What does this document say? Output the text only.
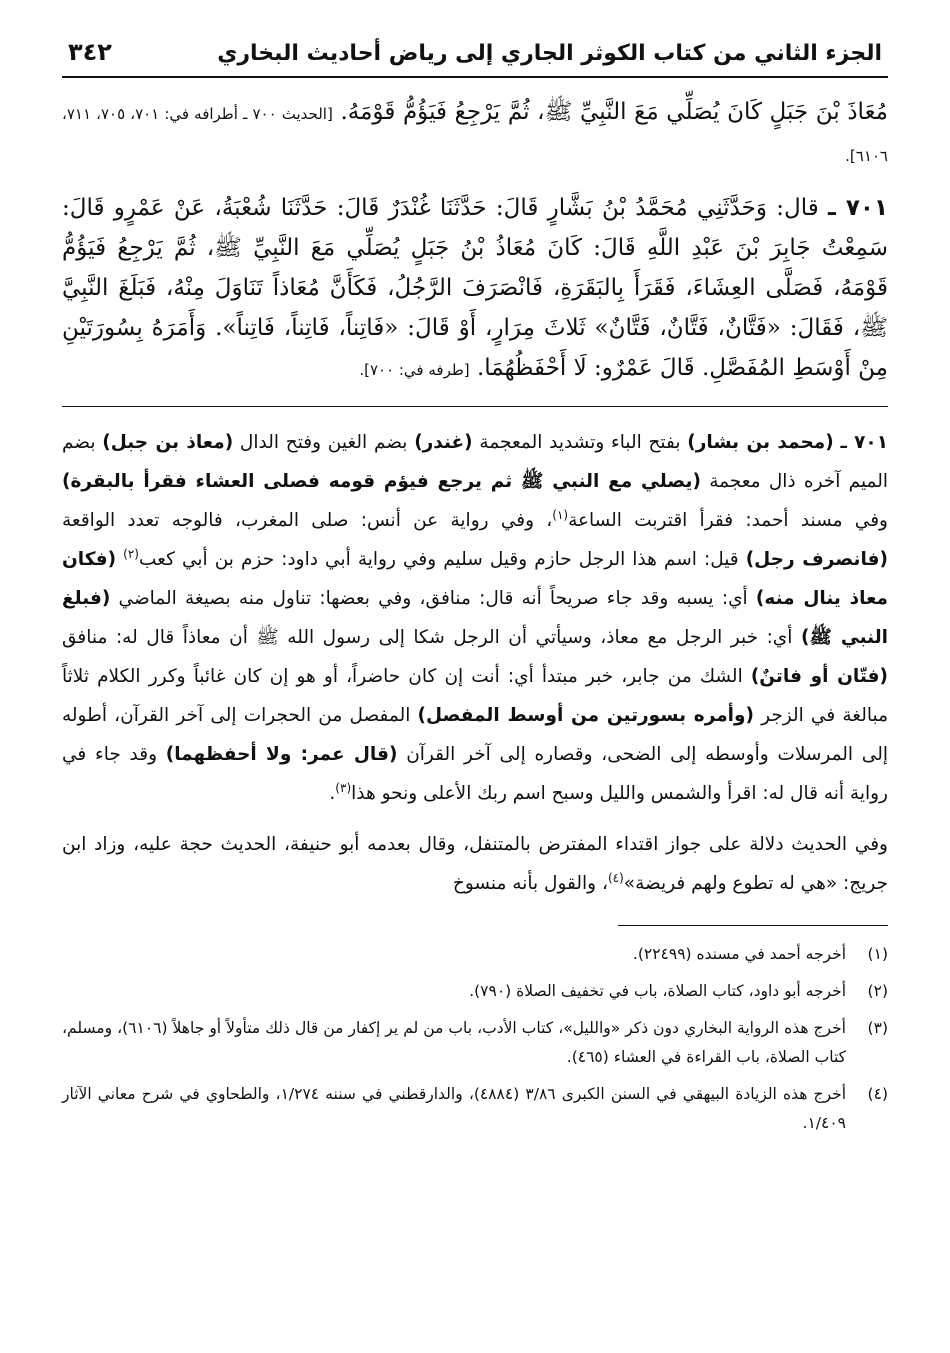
الجزء الثاني من كتاب الكوثر الجاري إلى رياض أحاديث البخاري
٣٤٢

مُعَاذَ بْنَ جَبَلٍ كَانَ يُصَلِّي مَعَ النَّبِيِّ ﷺ، ثُمَّ يَرْجِعُ فَيَؤُمُّ قَوْمَهُ. [الحديث ٧٠٠ ـ أطرافه في: ٧٠١، ٧٠٥، ٧١١، ٦١٠٦].

٧٠١ ـ قال: وَحَدَّثَنِي مُحَمَّدُ بْنُ بَشَّارٍ قَالَ: حَدَّثَنَا غُنْدَرٌ قَالَ: حَدَّثَنَا شُعْبَةُ، عَنْ عَمْرٍو قَالَ: سَمِعْتُ جَابِرَ بْنَ عَبْدِ اللَّهِ قَالَ: كَانَ مُعَاذُ بْنُ جَبَلٍ يُصَلِّي مَعَ النَّبِيِّ ﷺ، ثُمَّ يَرْجِعُ فَيَؤُمُّ قَوْمَهُ، فَصَلَّى العِشَاءَ، فَقَرَأَ بِالبَقَرَةِ، فَانْصَرَفَ الرَّجُلُ، فَكَأَنَّ مُعَاذاً تَنَاوَلَ مِنْهُ، فَبَلَغَ النَّبِيَّ ﷺ، فَقَالَ: «فَتَّانٌ، فَتَّانٌ، فَتَّانٌ» ثَلاثَ مِرَارٍ، أَوْ قَالَ: «فَاتِناً، فَاتِناً، فَاتِناً». وَأَمَرَهُ بِسُورَتَيْنِ مِنْ أَوْسَطِ المُفَصَّلِ. قَالَ عَمْرٌو: لَا أَحْفَظُهُمَا. [طرفه في: ٧٠٠].

٧٠١ ـ (محمد بن بشار) بفتح الباء وتشديد المعجمة (غندر) بضم الغين وفتح الدال (معاذ بن جبل) بضم الميم آخره ذال معجمة (يصلي مع النبي ﷺ ثم يرجع فيؤم قومه فصلى العشاء فقرأ بالبقرة) وفي مسند أحمد: فقرأ اقتربت الساعة$^{(١)}$، وفي رواية عن أنس: صلى المغرب، فالوجه تعدد الواقعة (فانصرف رجل) قيل: اسم هذا الرجل حازم وقيل سليم وفي رواية أبي داود: حزم بن أبي كعب$^{(٢)}$ (فكان معاذ ينال منه) أي: يسبه وقد جاء صريحاً أنه قال: منافق، وفي بعضها: تناول منه بصيغة الماضي (فبلغ النبي ﷺ) أي: خبر الرجل مع معاذ، وسيأتي أن الرجل شكا إلى رسول الله ﷺ أن معاذاً قال له: منافق (فتّان أو فاتنٌ) الشك من جابر، خبر مبتدأ أي: أنت إن كان حاضراً، أو هو إن كان غائباً وكرر الكلام ثلاثاً مبالغة في الزجر (وأمره بسورتين من أوسط المفصل) المفصل من الحجرات إلى آخر القرآن، أطوله إلى المرسلات وأوسطه إلى الضحى، وقصاره إلى آخر القرآن (قال عمر: ولا أحفظهما) وقد جاء في رواية أنه قال له: اقرأ والشمس والليل وسبح اسم ربك الأعلى ونحو هذا$^{(٣)}$.

وفي الحديث دلالة على جواز اقتداء المفترض بالمتنفل، وقال بعدمه أبو حنيفة، الحديث حجة عليه، وزاد ابن جريج: «هي له تطوع ولهم فريضة»$^{(٤)}$، والقول بأنه منسوخ

(١)
أخرجه أحمد في مسنده (٢٢٤٩٩).
(٢)
أخرجه أبو داود، كتاب الصلاة، باب في تخفيف الصلاة (٧٩٠).
(٣)
أخرج هذه الرواية البخاري دون ذكر «والليل»، كتاب الأدب، باب من لم ير إكفار من قال ذلك متأولاً أو جاهلاً (٦١٠٦)، ومسلم، كتاب الصلاة، باب القراءة في العشاء (٤٦٥).
(٤)
أخرج هذه الزيادة البيهقي في السنن الكبرى ٣/٨٦ (٤٨٨٤)، والدارقطني في سننه ١/٢٧٤، والطحاوي في شرح معاني الآثار ١/٤٠٩.
